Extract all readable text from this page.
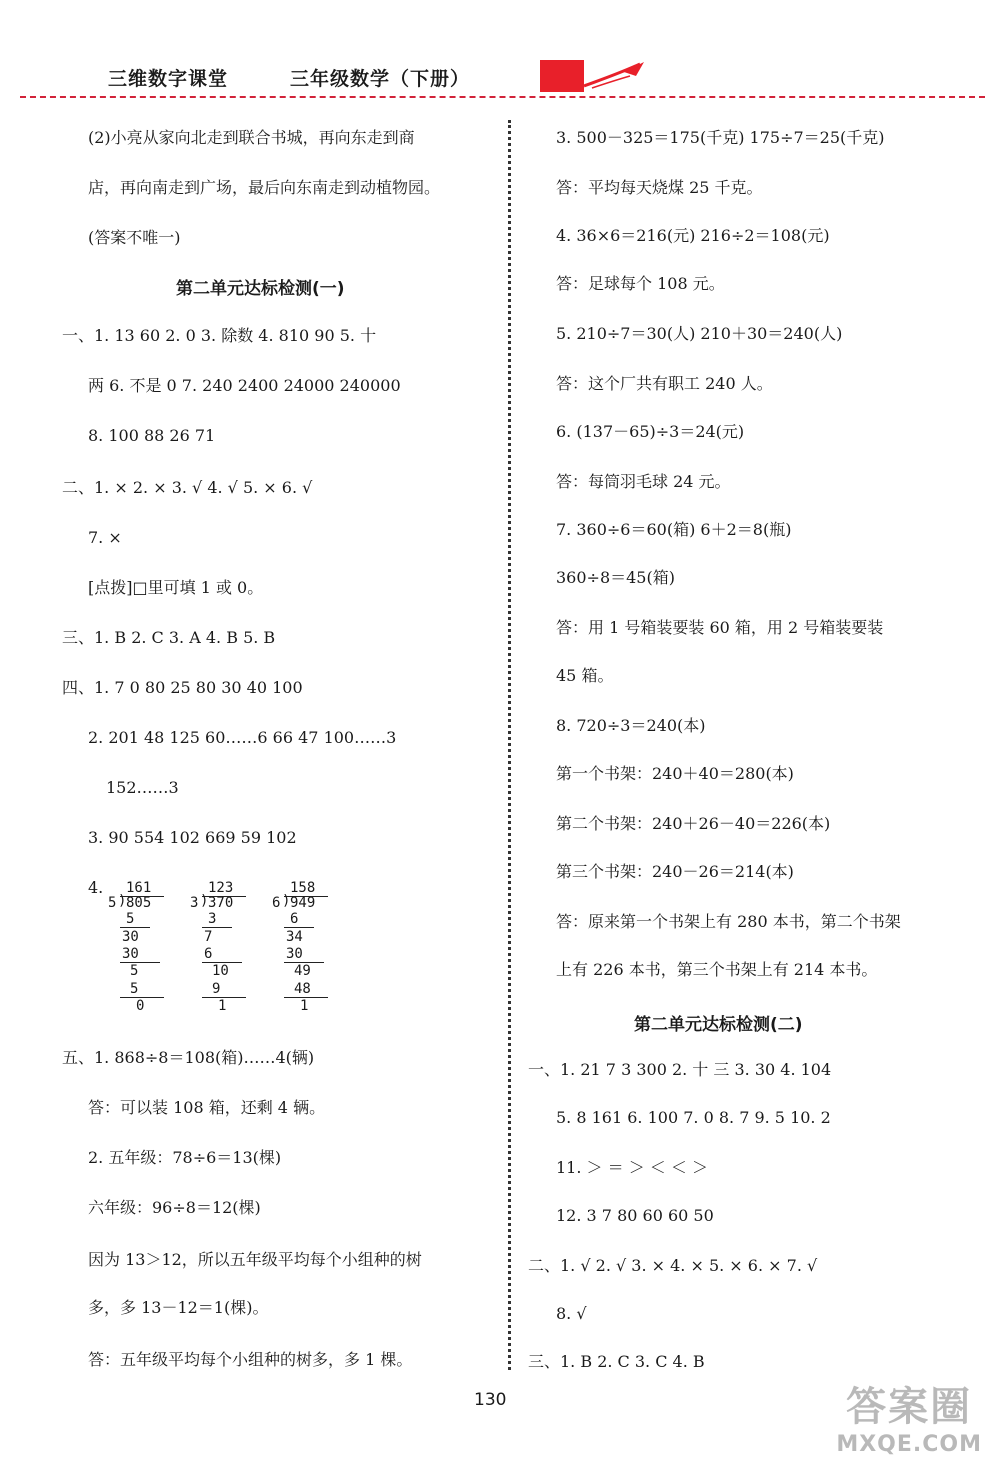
三维数字课堂	三年级数学（下册）
(2)小亮从家向北走到联合书城，再向东走到商
店，再向南走到广场，最后向东南走到动植物园。
(答案不唯一)
一、1. 13 60 2. 0 3. 除数 4. 810 90 5. 十
两 6. 不是 0 7. 240 2400 24000 240000
8. 100 88 26 71
二、1. × 2. × 3. √ 4. √ 5. × 6. √
7. ×
[点拨]□里可填 1 或 0。
三、1. B 2. C 3. A 4. B 5. B
四、1. 7 0 80 25 80 30 40 100
2. 201 48 125 60……6 66 47 100……3
152……3
3. 90 554 102 669 59 102
4.
五、1. 868÷8＝108(箱)……4(辆)
答：可以装 108 箱，还剩 4 辆。
2. 五年级：78÷6＝13(棵)
六年级：96÷8＝12(棵)
因为 13＞12，所以五年级平均每个小组种的树
多，多 13－12＝1(棵)。
答：五年级平均每个小组种的树多，多 1 棵。
第二单元达标检测(一)
161
5 ) 805
5
30
30
5
5
0
123
3 ) 370
3
7
6
10
9
1
158
6 ) 949
6
34
30
49
48
1
3. 500－325＝175(千克) 175÷7＝25(千克)
答：平均每天烧煤 25 千克。
4. 36×6＝216(元) 216÷2＝108(元)
答：足球每个 108 元。
5. 210÷7＝30(人) 210＋30＝240(人)
答：这个厂共有职工 240 人。
6. (137－65)÷3＝24(元)
答：每筒羽毛球 24 元。
7. 360÷6＝60(箱) 6＋2＝8(瓶)
360÷8＝45(箱)
答：用 1 号箱装要装 60 箱，用 2 号箱装要装
45 箱。
8. 720÷3＝240(本)
第一个书架：240＋40＝280(本)
第二个书架：240＋26－40＝226(本)
第三个书架：240－26＝214(本)
答：原来第一个书架上有 280 本书，第二个书架
上有 226 本书，第三个书架上有 214 本书。
一、1. 21 7 3 300 2. 十 三 3. 30 4. 104
5. 8 161 6. 100 7. 0 8. 7 9. 5 10. 2
11. ＞ ＝ ＞ ＜ ＜ ＞
12. 3 7 80 60 60 50
二、1. √ 2. √ 3. × 4. × 5. × 6. × 7. √
8. √
三、1. B 2. C 3. C 4. B
第二单元达标检测(二)
130	答案圈
MXQE.COM
